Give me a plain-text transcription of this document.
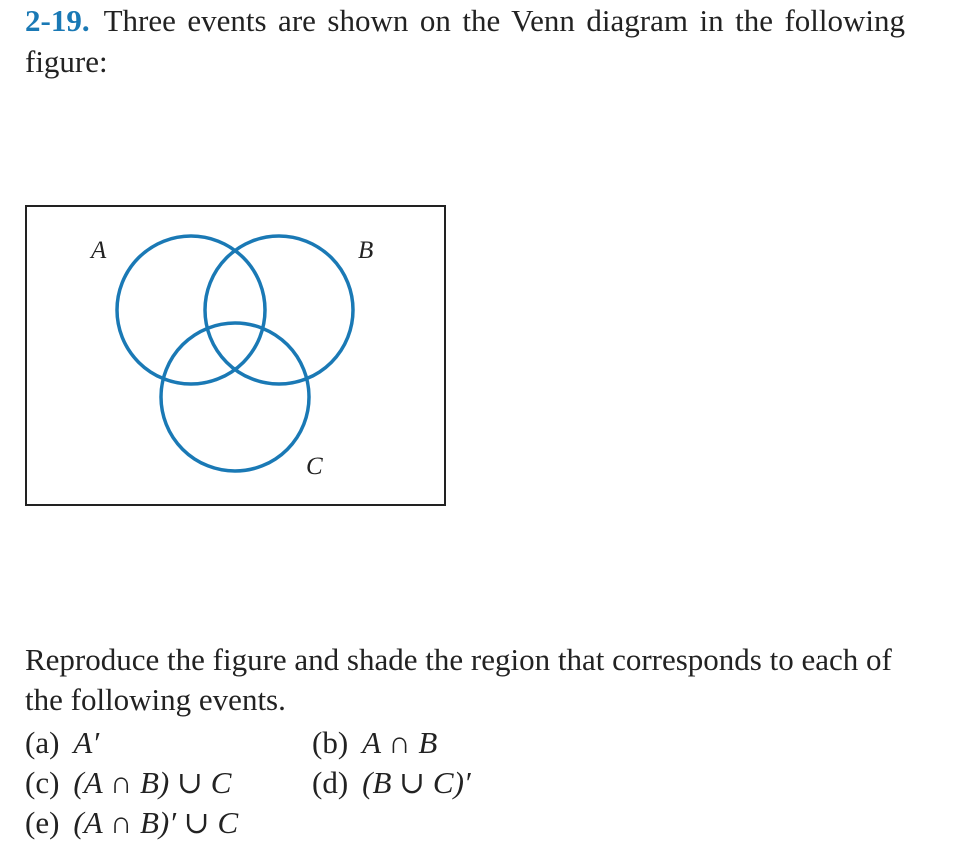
2-19. Three events are shown on the Venn diagram in the following figure:
A	B
C
Reproduce the figure and shade the region that corresponds to each of the following events.
(a) A′	(b) A ∩ B
(c) (A ∩ B) ∪ C	(d) (B ∪ C)′
(e) (A ∩ B)′ ∪ C
